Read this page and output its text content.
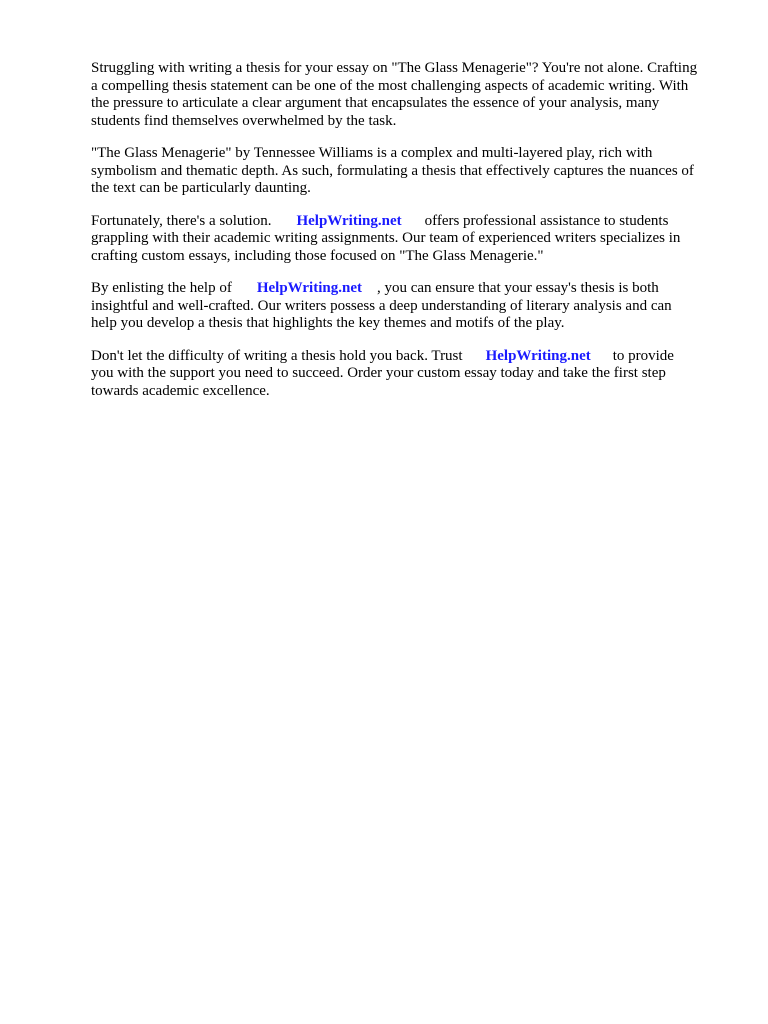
Struggling with writing a thesis for your essay on "The Glass Menagerie"? You're not alone. Crafting
a compelling thesis statement can be one of the most challenging aspects of academic writing. With
the pressure to articulate a clear argument that encapsulates the essence of your analysis, many
students find themselves overwhelmed by the task.

"The Glass Menagerie" by Tennessee Williams is a complex and multi-layered play, rich with
symbolism and thematic depth. As such, formulating a thesis that effectively captures the nuances of
the text can be particularly daunting.

Fortunately, there's a solution. HelpWriting.net offers professional assistance to students
grappling with their academic writing assignments. Our team of experienced writers specializes in
crafting custom essays, including those focused on "The Glass Menagerie."

By enlisting the help of HelpWriting.net , you can ensure that your essay's thesis is both
insightful and well-crafted. Our writers possess a deep understanding of literary analysis and can
help you develop a thesis that highlights the key themes and motifs of the play.

Don't let the difficulty of writing a thesis hold you back. Trust HelpWriting.net to provide
you with the support you need to succeed. Order your custom essay today and take the first step
towards academic excellence.
